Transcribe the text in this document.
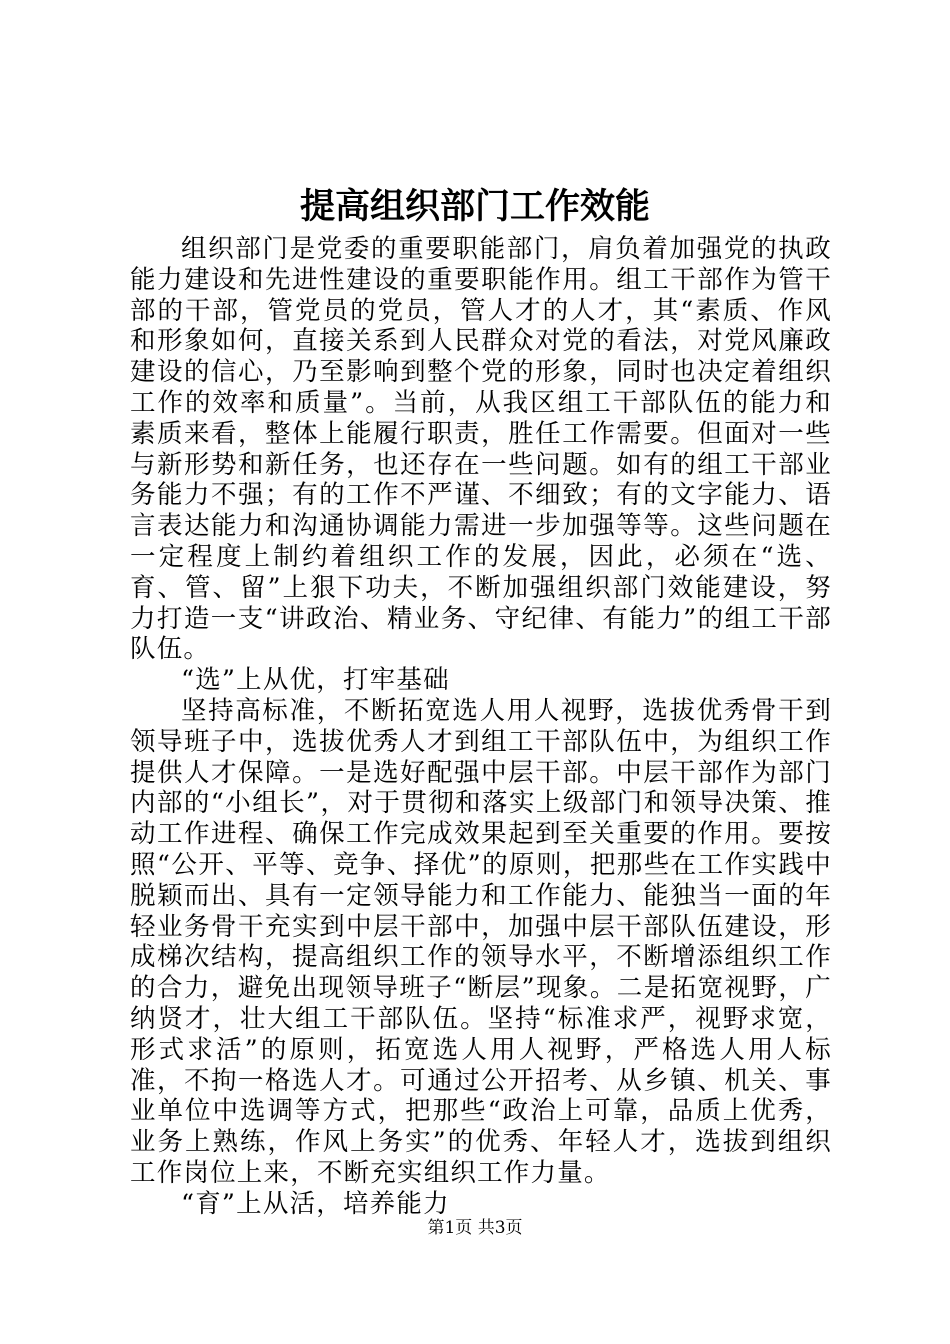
提高组织部门工作效能

组织部门是党委的重要职能部门，肩负着加强党的执政能力建设和先进性建设的重要职能作用。组工干部作为管干部的干部，管党员的党员，管人才的人才，其“素质、作风和形象如何，直接关系到人民群众对党的看法，对党风廉政建设的信心，乃至影响到整个党的形象，同时也决定着组织工作的效率和质量”。当前，从我区组工干部队伍的能力和素质来看，整体上能履行职责，胜任工作需要。但面对一些与新形势和新任务，也还存在一些问题。如有的组工干部业务能力不强；有的工作不严谨、不细致；有的文字能力、语言表达能力和沟通协调能力需进一步加强等等。这些问题在一定程度上制约着组织工作的发展，因此，必须在“选、育、管、留”上狠下功夫，不断加强组织部门效能建设，努力打造一支“讲政治、精业务、守纪律、有能力”的组工干部队伍。

“选”上从优，打牢基础

坚持高标准，不断拓宽选人用人视野，选拔优秀骨干到领导班子中，选拔优秀人才到组工干部队伍中，为组织工作提供人才保障。一是选好配强中层干部。中层干部作为部门内部的“小组长”，对于贯彻和落实上级部门和领导决策、推动工作进程、确保工作完成效果起到至关重要的作用。要按照“公开、平等、竞争、择优”的原则，把那些在工作实践中脱颖而出、具有一定领导能力和工作能力、能独当一面的年轻业务骨干充实到中层干部中，加强中层干部队伍建设，形成梯次结构，提高组织工作的领导水平，不断增添组织工作的合力，避免出现领导班子“断层”现象。二是拓宽视野，广纳贤才，壮大组工干部队伍。坚持“标准求严，视野求宽，形式求活”的原则，拓宽选人用人视野，严格选人用人标准，不拘一格选人才。可通过公开招考、从乡镇、机关、事业单位中选调等方式，把那些“政治上可靠，品质上优秀，业务上熟练，作风上务实”的优秀、年轻人才，选拔到组织工作岗位上来，不断充实组织工作力量。

“育”上从活，培养能力

第1页 共3页
